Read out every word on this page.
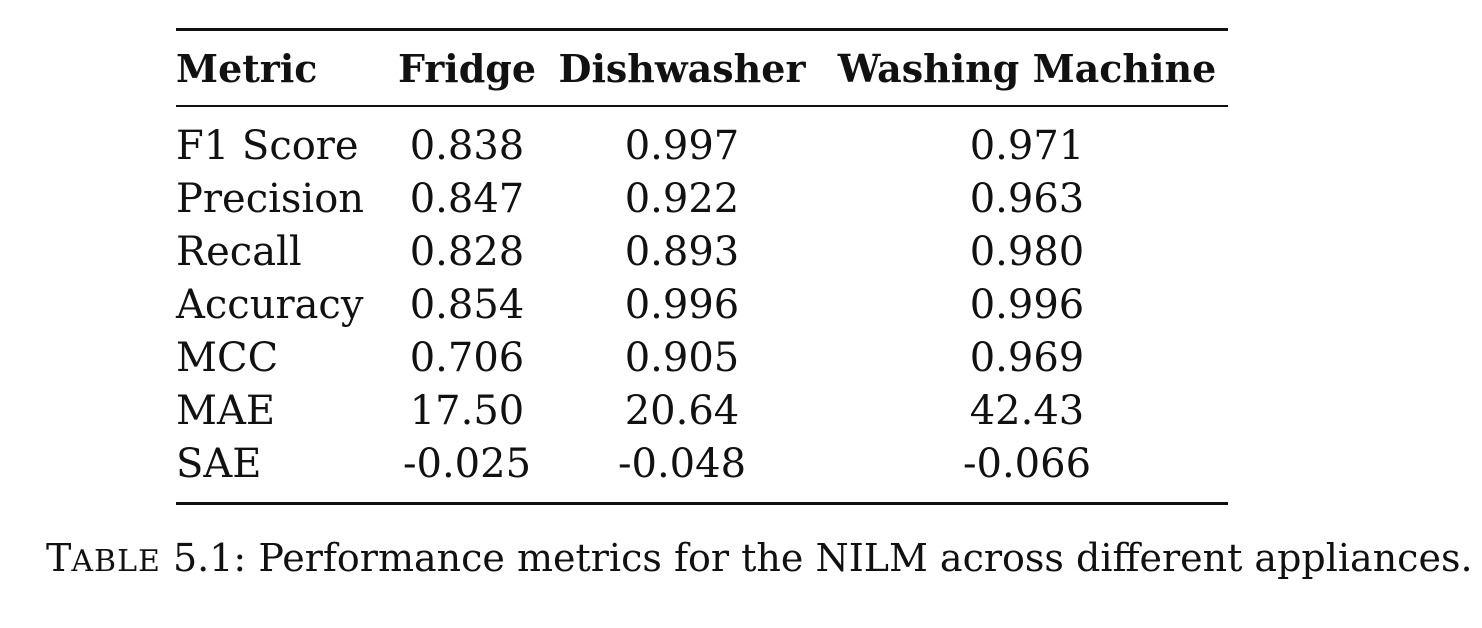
Metric	Fridge	Dishwasher	Washing Machine
F1 Score	0.838	0.997	0.971
Precision	0.847	0.922	0.963
Recall	0.828	0.893	0.980
Accuracy	0.854	0.996	0.996
MCC	0.706	0.905	0.969
MAE	17.50	20.64	42.43
SAE	-0.025	-0.048	-0.066
TABLE 5.1: Performance metrics for the NILM across different appliances.
